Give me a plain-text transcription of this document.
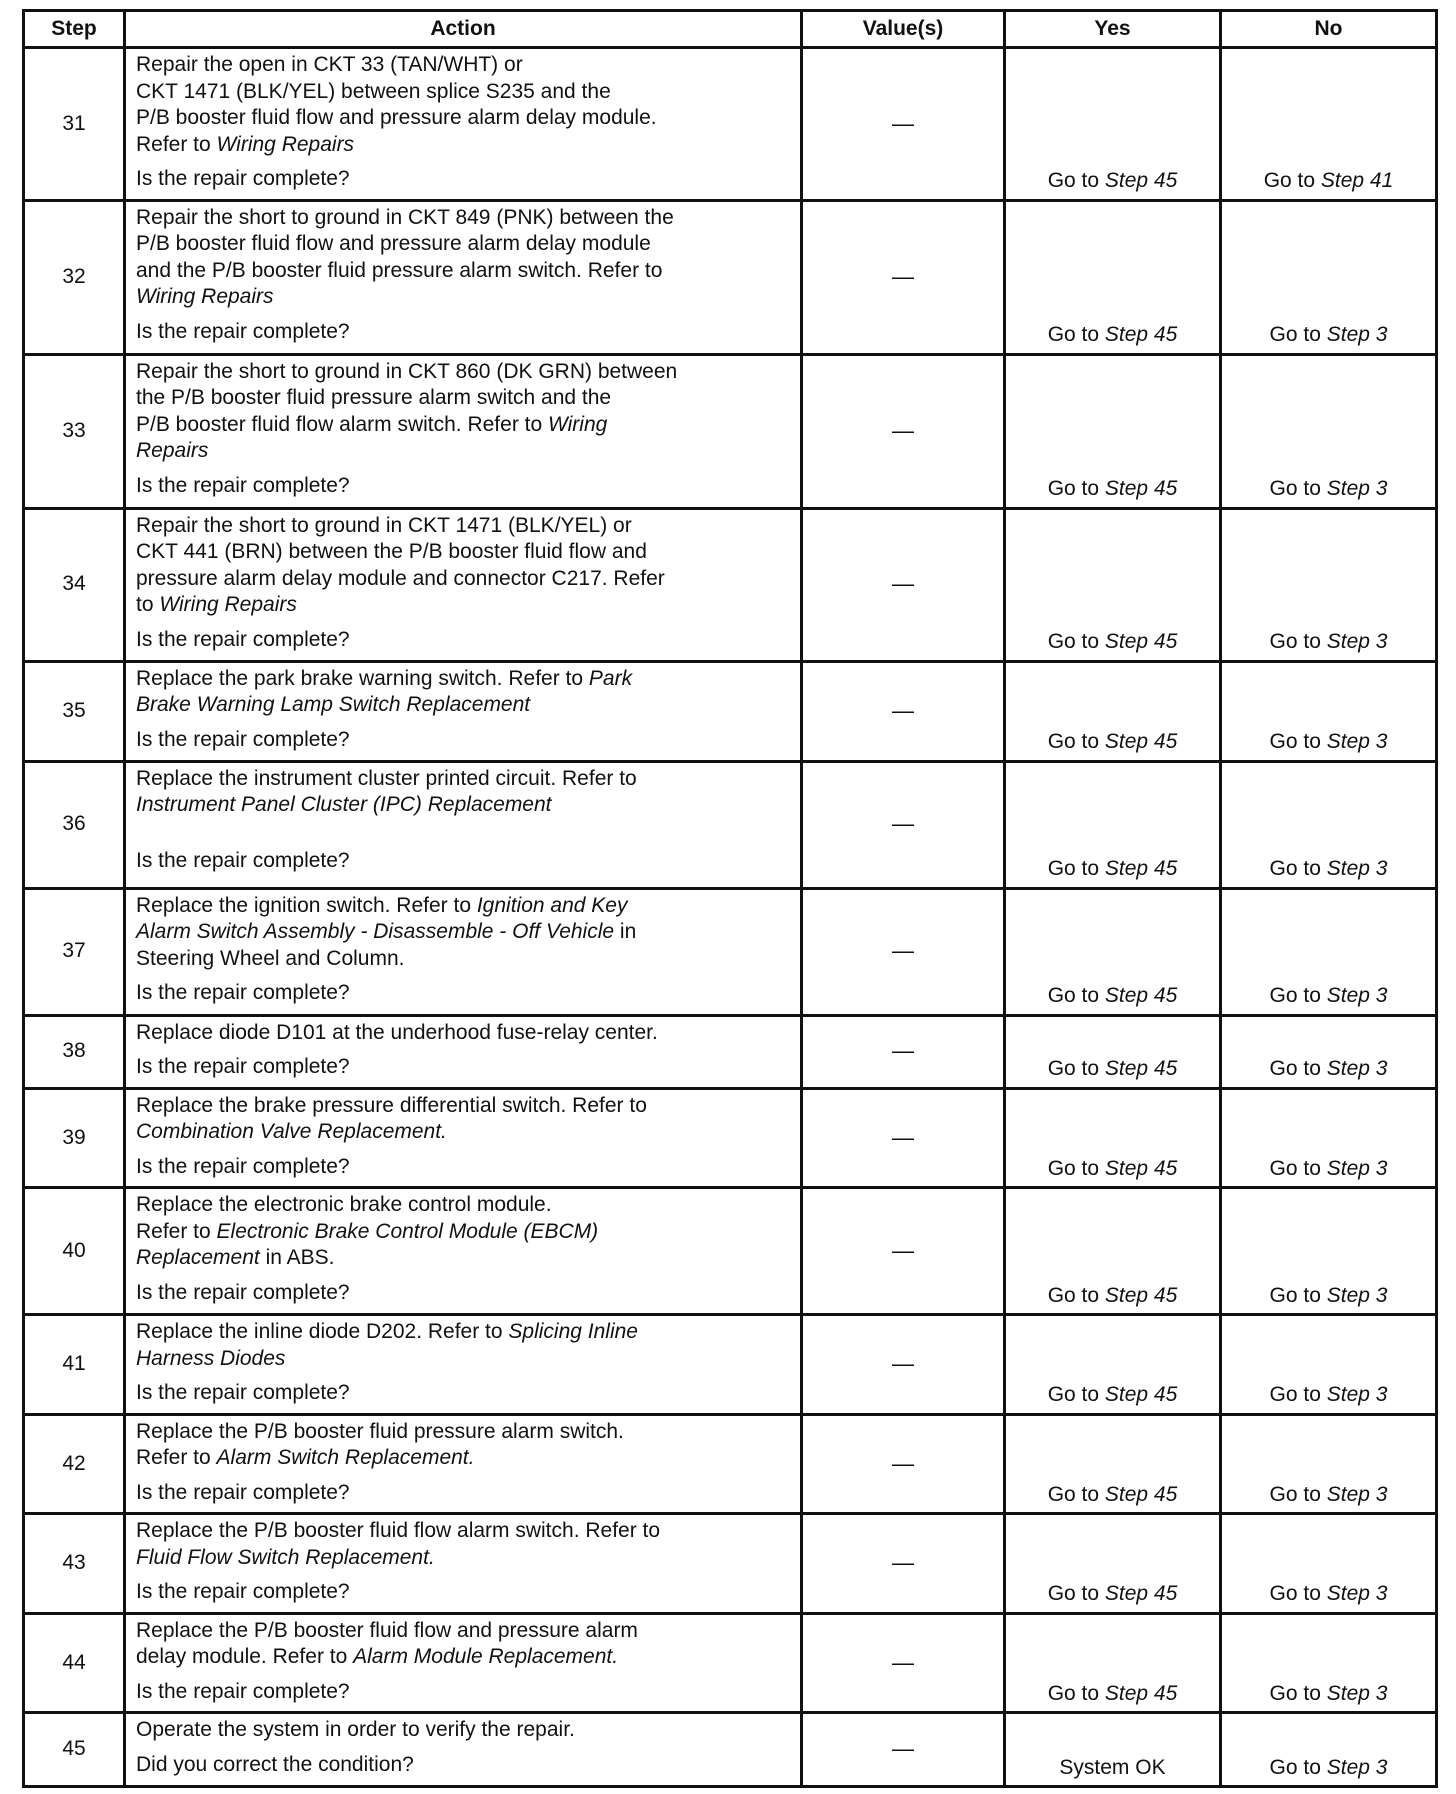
Step	Action	Value(s)	Yes	No
31	Repair the open in CKT 33 (TAN/WHT) or
CKT 1471 (BLK/YEL) between splice S235 and the
P/B booster fluid flow and pressure alarm delay module.
Refer to Wiring Repairs
Is the repair complete?	—	Go to Step 45	Go to Step 41
32	Repair the short to ground in CKT 849 (PNK) between the
P/B booster fluid flow and pressure alarm delay module
and the P/B booster fluid pressure alarm switch. Refer to
Wiring Repairs
Is the repair complete?	—	Go to Step 45	Go to Step 3
33	Repair the short to ground in CKT 860 (DK GRN) between
the P/B booster fluid pressure alarm switch and the
P/B booster fluid flow alarm switch. Refer to Wiring
Repairs
Is the repair complete?	—	Go to Step 45	Go to Step 3
34	Repair the short to ground in CKT 1471 (BLK/YEL) or
CKT 441 (BRN) between the P/B booster fluid flow and
pressure alarm delay module and connector C217. Refer
to Wiring Repairs
Is the repair complete?	—	Go to Step 45	Go to Step 3
35	Replace the park brake warning switch. Refer to Park
Brake Warning Lamp Switch Replacement
Is the repair complete?	—	Go to Step 45	Go to Step 3
36	Replace the instrument cluster printed circuit. Refer to
Instrument Panel Cluster (IPC) Replacement
Is the repair complete?	—	Go to Step 45	Go to Step 3
37	Replace the ignition switch. Refer to Ignition and Key
Alarm Switch Assembly - Disassemble - Off Vehicle in
Steering Wheel and Column.
Is the repair complete?	—	Go to Step 45	Go to Step 3
38	Replace diode D101 at the underhood fuse-relay center.
Is the repair complete?	—	Go to Step 45	Go to Step 3
39	Replace the brake pressure differential switch. Refer to
Combination Valve Replacement.
Is the repair complete?	—	Go to Step 45	Go to Step 3
40	Replace the electronic brake control module.
Refer to Electronic Brake Control Module (EBCM)
Replacement in ABS.
Is the repair complete?	—	Go to Step 45	Go to Step 3
41	Replace the inline diode D202. Refer to Splicing Inline
Harness Diodes
Is the repair complete?	—	Go to Step 45	Go to Step 3
42	Replace the P/B booster fluid pressure alarm switch.
Refer to Alarm Switch Replacement.
Is the repair complete?	—	Go to Step 45	Go to Step 3
43	Replace the P/B booster fluid flow alarm switch. Refer to
Fluid Flow Switch Replacement.
Is the repair complete?	—	Go to Step 45	Go to Step 3
44	Replace the P/B booster fluid flow and pressure alarm
delay module. Refer to Alarm Module Replacement.
Is the repair complete?	—	Go to Step 45	Go to Step 3
45	Operate the system in order to verify the repair.
Did you correct the condition?	—	System OK	Go to Step 3
